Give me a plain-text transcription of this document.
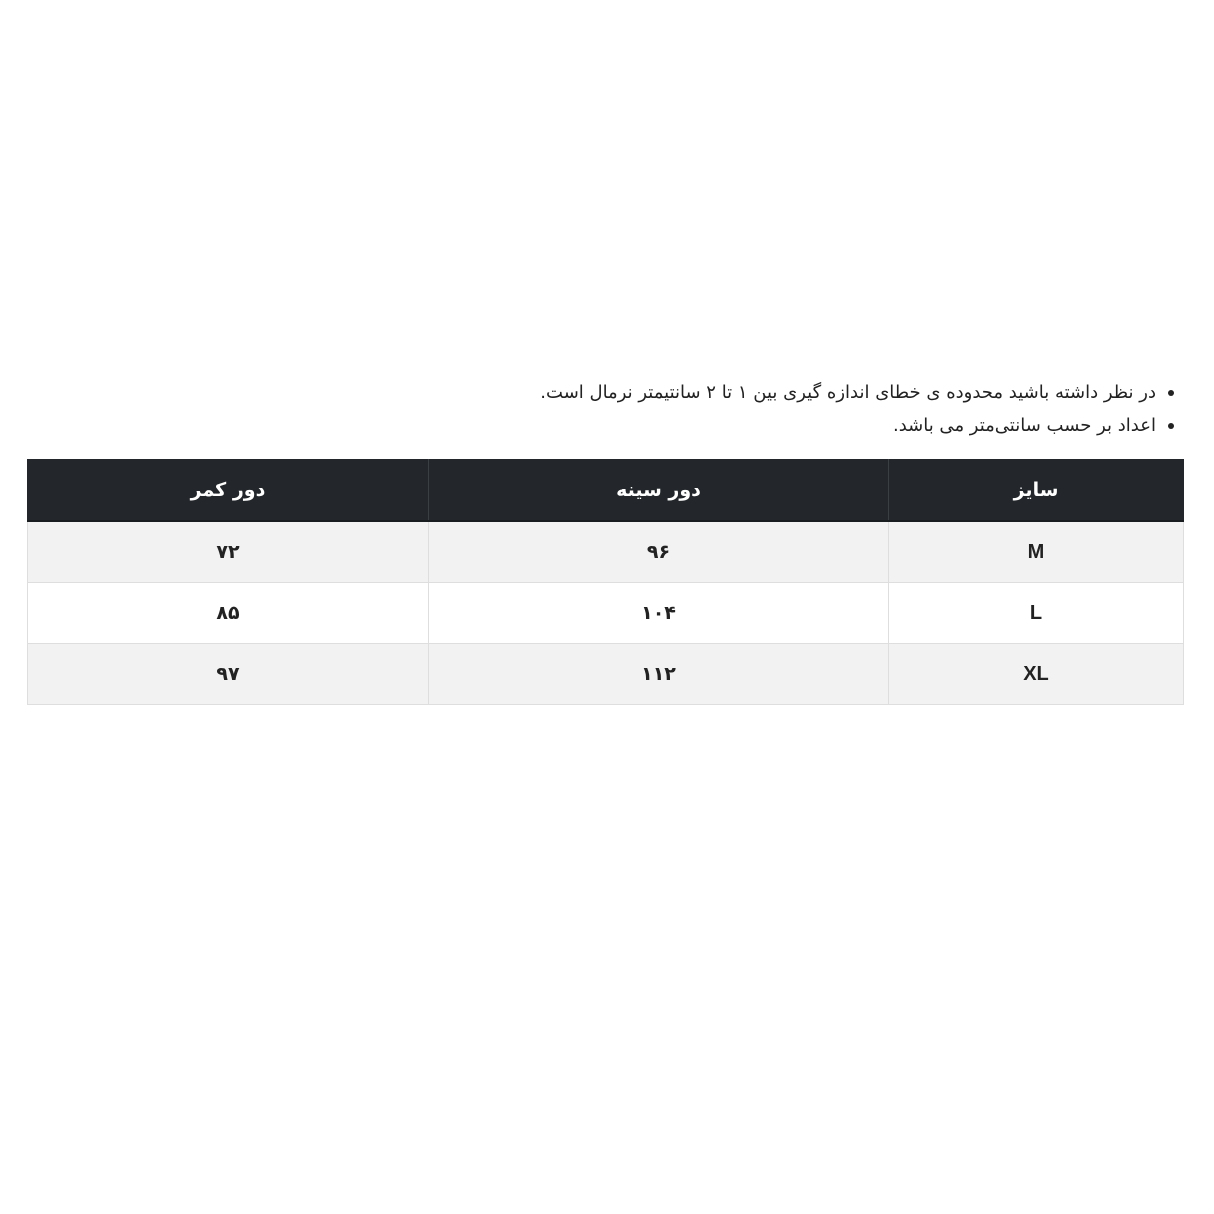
در نظر داشته باشید محدوده ی خطای اندازه گیری بین ۱ تا ۲ سانتیمتر نرمال است.
اعداد بر حسب سانتی‌متر می باشد.
سایز	دور سینه	دور کمر
M	۹۶	۷۲
L	۱۰۴	۸۵
XL	۱۱۲	۹۷
